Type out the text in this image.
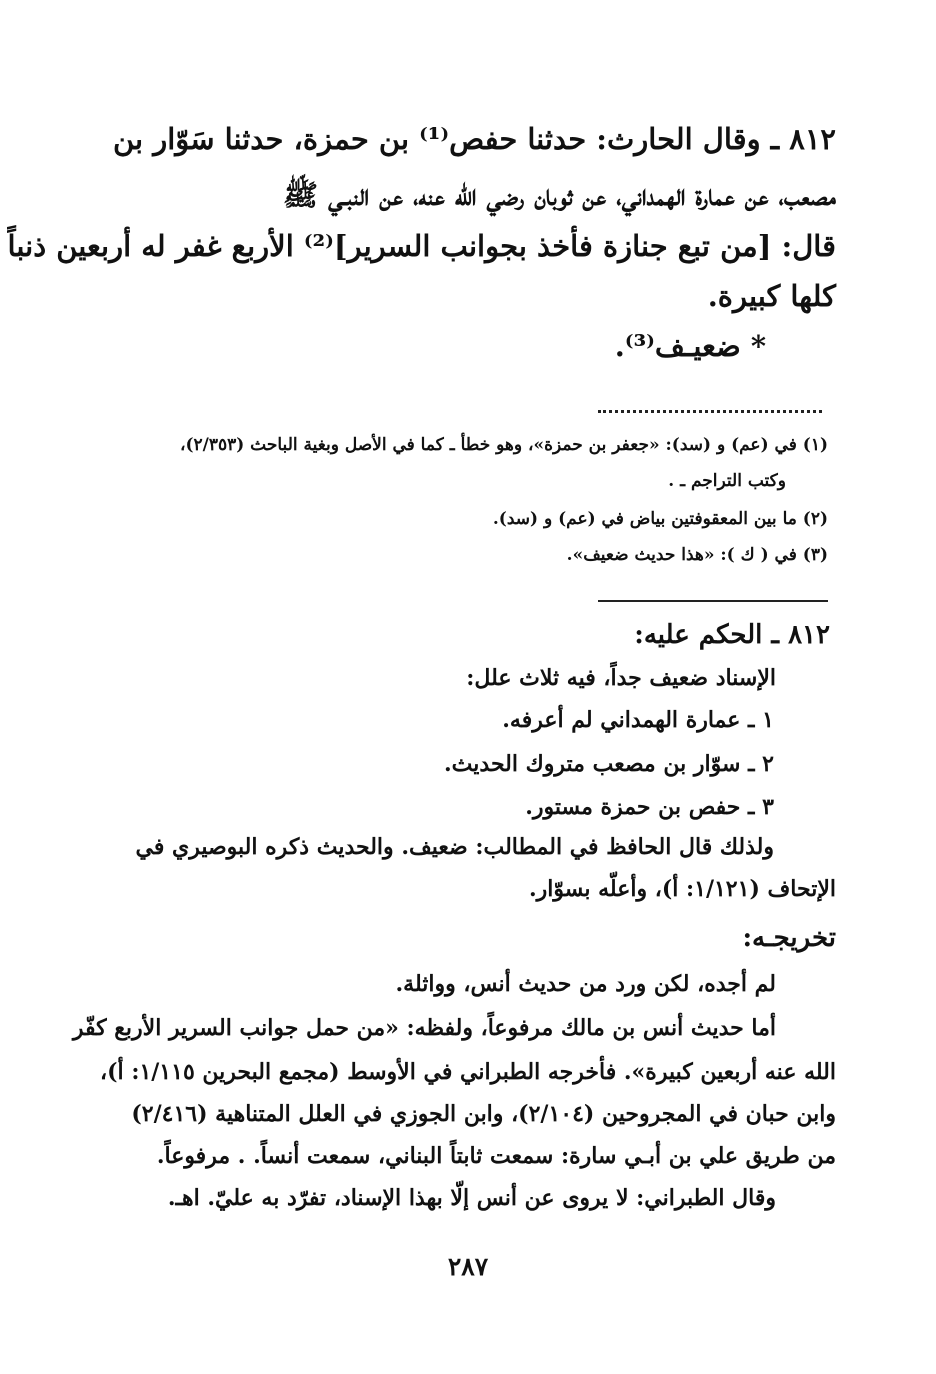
٨١٢ ـ وقال الحارث: حدثنا حفص⁽¹⁾ بن حمزة، حدثنا سَوّار بن
مصعب، عن عمارة الهمداني، عن ثوبان رضي الله عنه، عن النبـي ﷺ
قال: [من تبع جنازة فأخذ بجوانب السرير]⁽²⁾ الأربع غفر له أربعين ذنباً
كلها كبيرة.
* ضعيـف⁽³⁾.
(١) في (عم) و (سد): «جعفر بن حمزة»، وهو خطأ ـ كما في الأصل وبغية الباحث (٢/٣٥٣)،
وكتب التراجم ـ .
(٢) ما بين المعقوفتين بياض في (عم) و (سد).
(٣) في ( ك ): «هذا حديث ضعيف».
٨١٢ ـ الحكم عليه:
الإسناد ضعيف جداً، فيه ثلاث علل:
١ ـ عمارة الهمداني لم أعرفه.
٢ ـ سوّار بن مصعب متروك الحديث.
٣ ـ حفص بن حمزة مستور.
ولذلك قال الحافظ في المطالب: ضعيف. والحديث ذكره البوصيري في
الإتحاف (١/١٢١: أ)، وأعلّه بسوّار.
تخريجـه:
لم أجده، لكن ورد من حديث أنس، وواثلة.
أما حديث أنس بن مالك مرفوعاً، ولفظه: «من حمل جوانب السرير الأربع كفّر
الله عنه أربعين كبيرة». فأخرجه الطبراني في الأوسط (مجمع البحرين ١/١١٥: أ)،
وابن حبان في المجروحين (٢/١٠٤)، وابن الجوزي في العلل المتناهية (٢/٤١٦)
من طريق علي بن أبـي سارة: سمعت ثابتاً البناني، سمعت أنساً. . مرفوعاً.
وقال الطبراني: لا يروى عن أنس إلّا بهذا الإسناد، تفرّد به عليّ. اهـ.
٢٨٧
